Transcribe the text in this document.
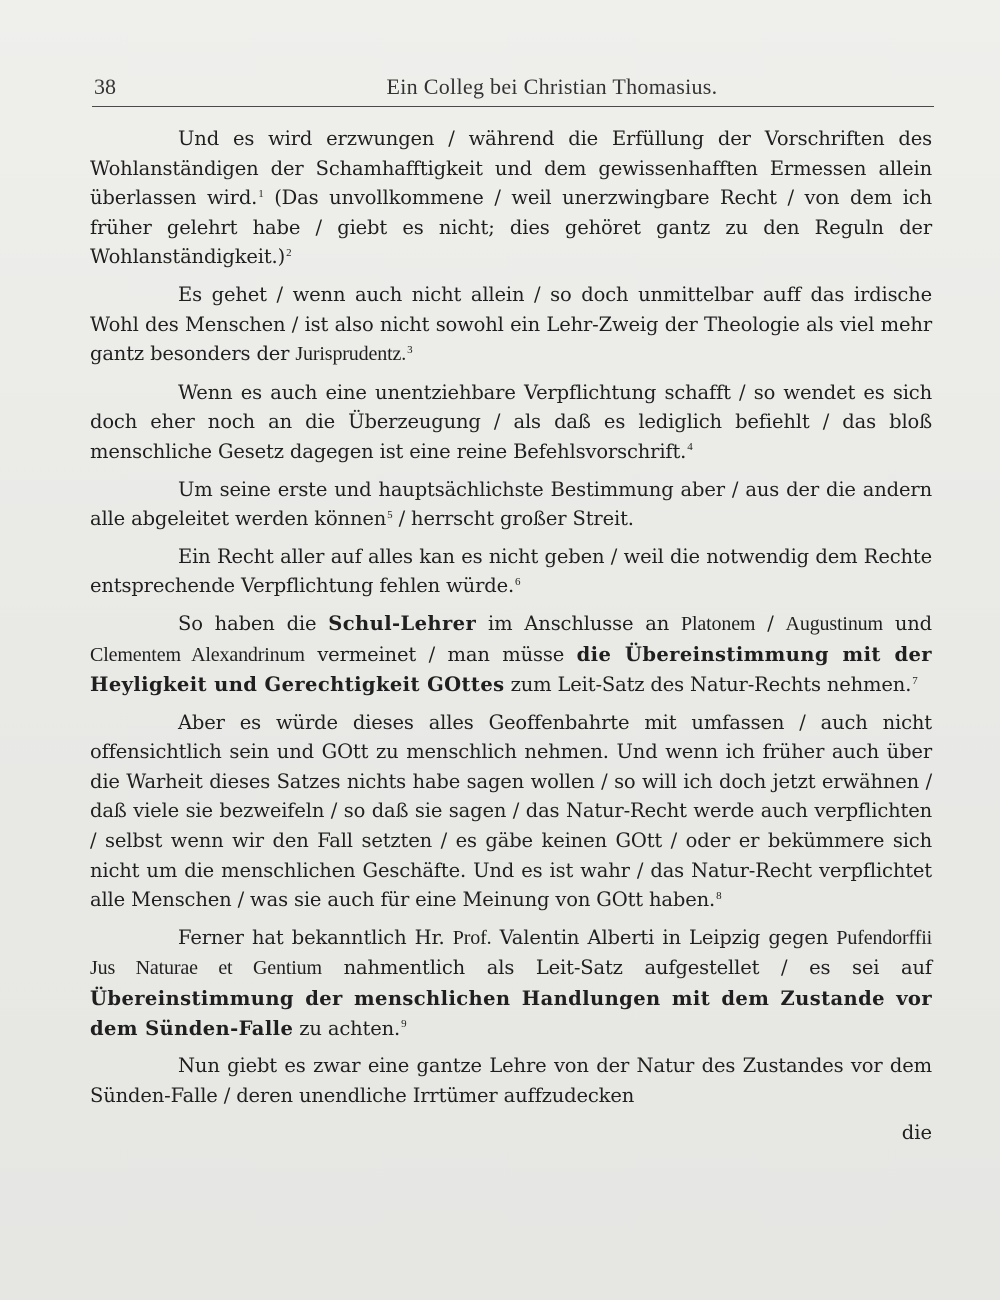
38	Ein Colleg bei Christian Thomasius.

Und es wird erzwungen / während die Erfüllung der Vorschriften des Wohlanständigen der Schamhafftigkeit und dem gewissenhafften Ermessen allein überlassen wird.$^1$ (Das unvollkommene / weil unerzwingbare Recht / von dem ich früher gelehrt habe / giebt es nicht; dies gehöret gantz zu den Reguln der Wohlanständigkeit.)$^2$

Es gehet / wenn auch nicht allein / so doch unmittelbar auff das irdische Wohl des Menschen / ist also nicht sowohl ein Lehr-Zweig der Theologie als viel mehr gantz besonders der Jurisprudentz.$^3$

Wenn es auch eine unentziehbare Verpflichtung schafft / so wendet es sich doch eher noch an die Überzeugung / als daß es lediglich befiehlt / das bloß menschliche Gesetz dagegen ist eine reine Befehlsvorschrift.$^4$

Um seine erste und hauptsächlichste Bestimmung aber / aus der die andern alle abgeleitet werden können$^5$ / herrscht großer Streit.

Ein Recht aller auf alles kan es nicht geben / weil die notwendig dem Rechte entsprechende Verpflichtung fehlen würde.$^6$

So haben die Schul-Lehrer im Anschlusse an Platonem / Augustinum und Clementem Alexandrinum vermeinet / man müsse die Übereinstimmung mit der Heyligkeit und Gerechtigkeit GOttes zum Leit-Satz des Natur-Rechts nehmen.$^7$

Aber es würde dieses alles Geoffenbahrte mit umfassen / auch nicht offensichtlich sein und GOtt zu menschlich nehmen. Und wenn ich früher auch über die Warheit dieses Satzes nichts habe sagen wollen / so will ich doch jetzt erwähnen / daß viele sie bezweifeln / so daß sie sagen / das Natur-Recht werde auch verpflichten / selbst wenn wir den Fall setzten / es gäbe keinen GOtt / oder er bekümmere sich nicht um die menschlichen Geschäfte. Und es ist wahr / das Natur-Recht verpflichtet alle Menschen / was sie auch für eine Meinung von GOtt haben.$^8$

Ferner hat bekanntlich Hr. Prof. Valentin Alberti in Leipzig gegen Pufendorffii Jus Naturae et Gentium nahmentlich als Leit-Satz aufgestellet / es sei auf Übereinstimmung der menschlichen Handlungen mit dem Zustande vor dem Sünden-Falle zu achten.$^9$

Nun giebt es zwar eine gantze Lehre von der Natur des Zustandes vor dem Sünden-Falle / deren unendliche Irrtümer auffzudecken

die
